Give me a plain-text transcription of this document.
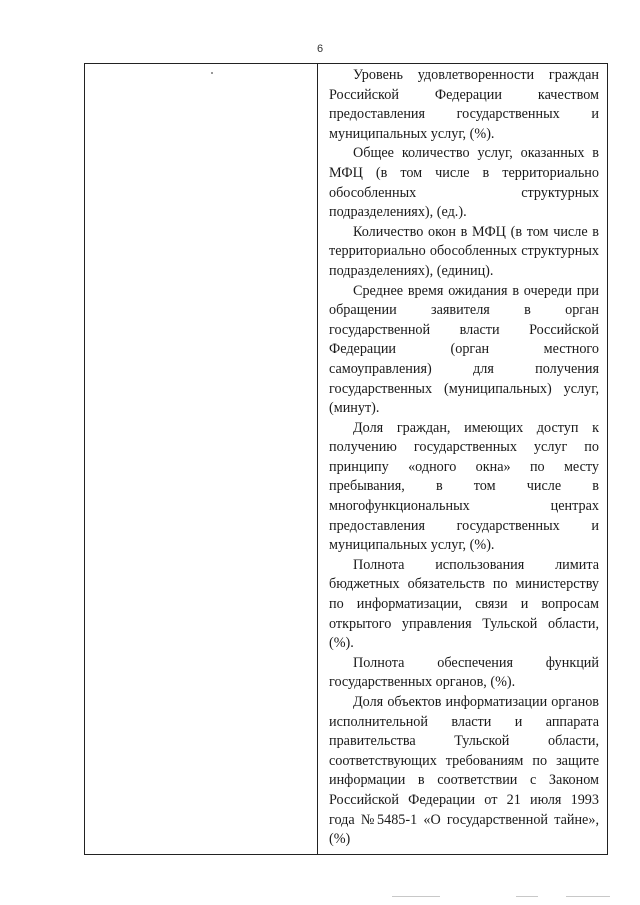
6

Уровень удовлетворенности граждан Российской Федерации качеством предоставления государственных и муниципальных услуг, (%).

Общее количество услуг, оказанных в МФЦ (в том числе в территориально обособленных структурных подразделениях), (ед.).

Количество окон в МФЦ (в том числе в территориально обособленных структурных подразделениях), (единиц).

Среднее время ожидания в очереди при обращении заявителя в орган государственной власти Российской Федерации (орган местного самоуправления) для получения государственных (муниципальных) услуг, (минут).

Доля граждан, имеющих доступ к получению государственных услуг по принципу «одного окна» по месту пребывания, в том числе в многофункциональных центрах предоставления государственных и муниципальных услуг, (%).

Полнота использования лимита бюджетных обязательств по министерству по информатизации, связи и вопросам открытого управления Тульской области, (%).

Полнота обеспечения функций государственных органов, (%).

Доля объектов информатизации органов исполнительной власти и аппарата правительства Тульской области, соответствующих требованиям по защите информации в соответствии с Законом Российской Федерации от 21 июля 1993 года №5485-1 «О государственной тайне», (%)
